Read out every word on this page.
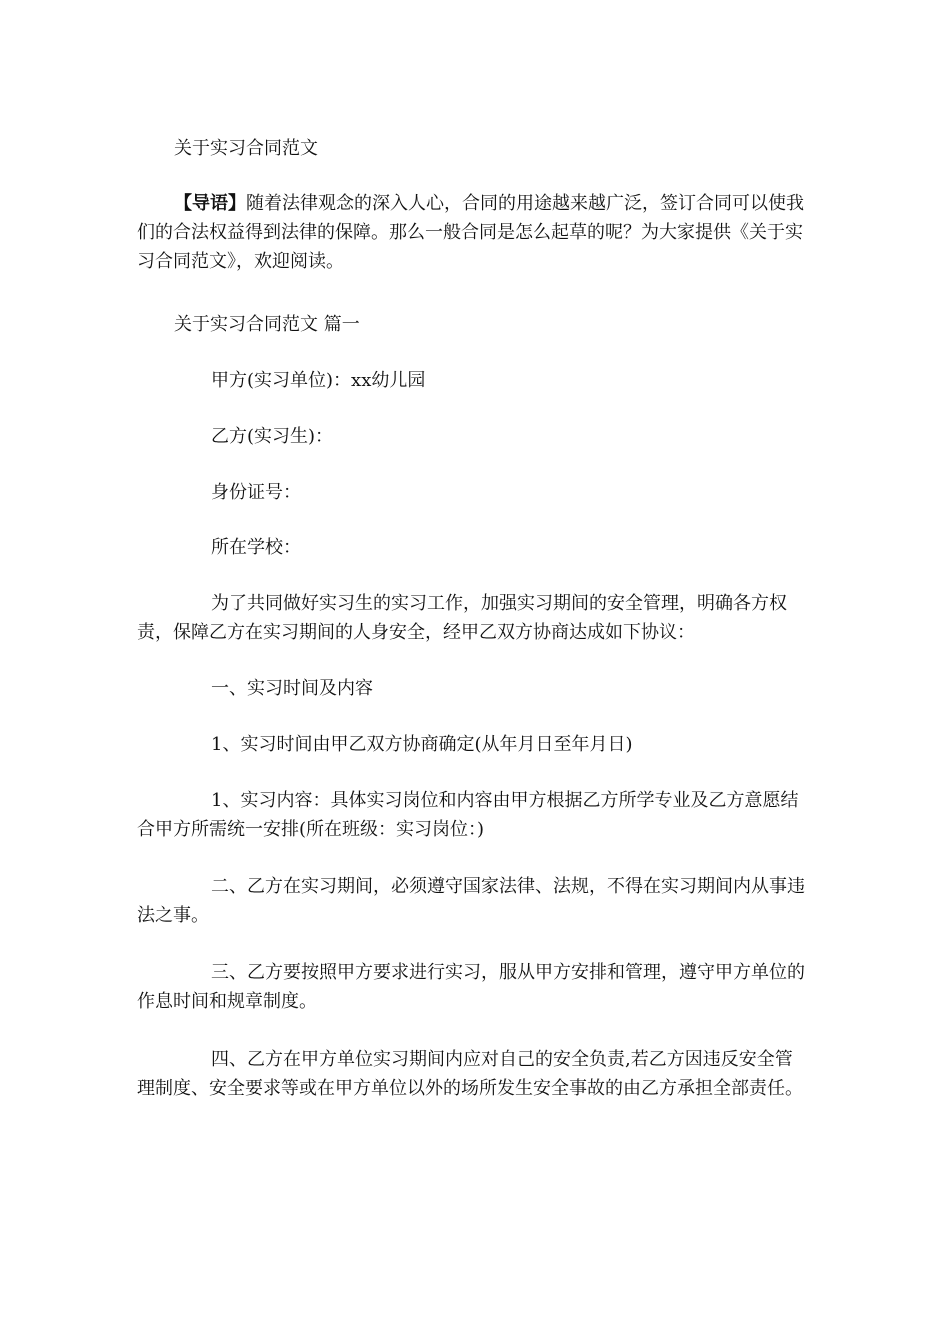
关于实习合同范文

【导语】随着法律观念的深入人心，合同的用途越来越广泛，签订合同可以使我们的合法权益得到法律的保障。那么一般合同是怎么起草的呢？为大家提供《关于实习合同范文》，欢迎阅读。

关于实习合同范文 篇一

甲方(实习单位)：xx幼儿园

乙方(实习生)：

身份证号：

所在学校：

为了共同做好实习生的实习工作，加强实习期间的安全管理，明确各方权责，保障乙方在实习期间的人身安全，经甲乙双方协商达成如下协议：

一、实习时间及内容

1、实习时间由甲乙双方协商确定(从年月日至年月日)

1、实习内容：具体实习岗位和内容由甲方根据乙方所学专业及乙方意愿结合甲方所需统一安排(所在班级：实习岗位：)

二、乙方在实习期间，必须遵守国家法律、法规，不得在实习期间内从事违法之事。

三、乙方要按照甲方要求进行实习，服从甲方安排和管理，遵守甲方单位的作息时间和规章制度。

四、乙方在甲方单位实习期间内应对自己的安全负责,若乙方因违反安全管理制度、安全要求等或在甲方单位以外的场所发生安全事故的由乙方承担全部责任。
